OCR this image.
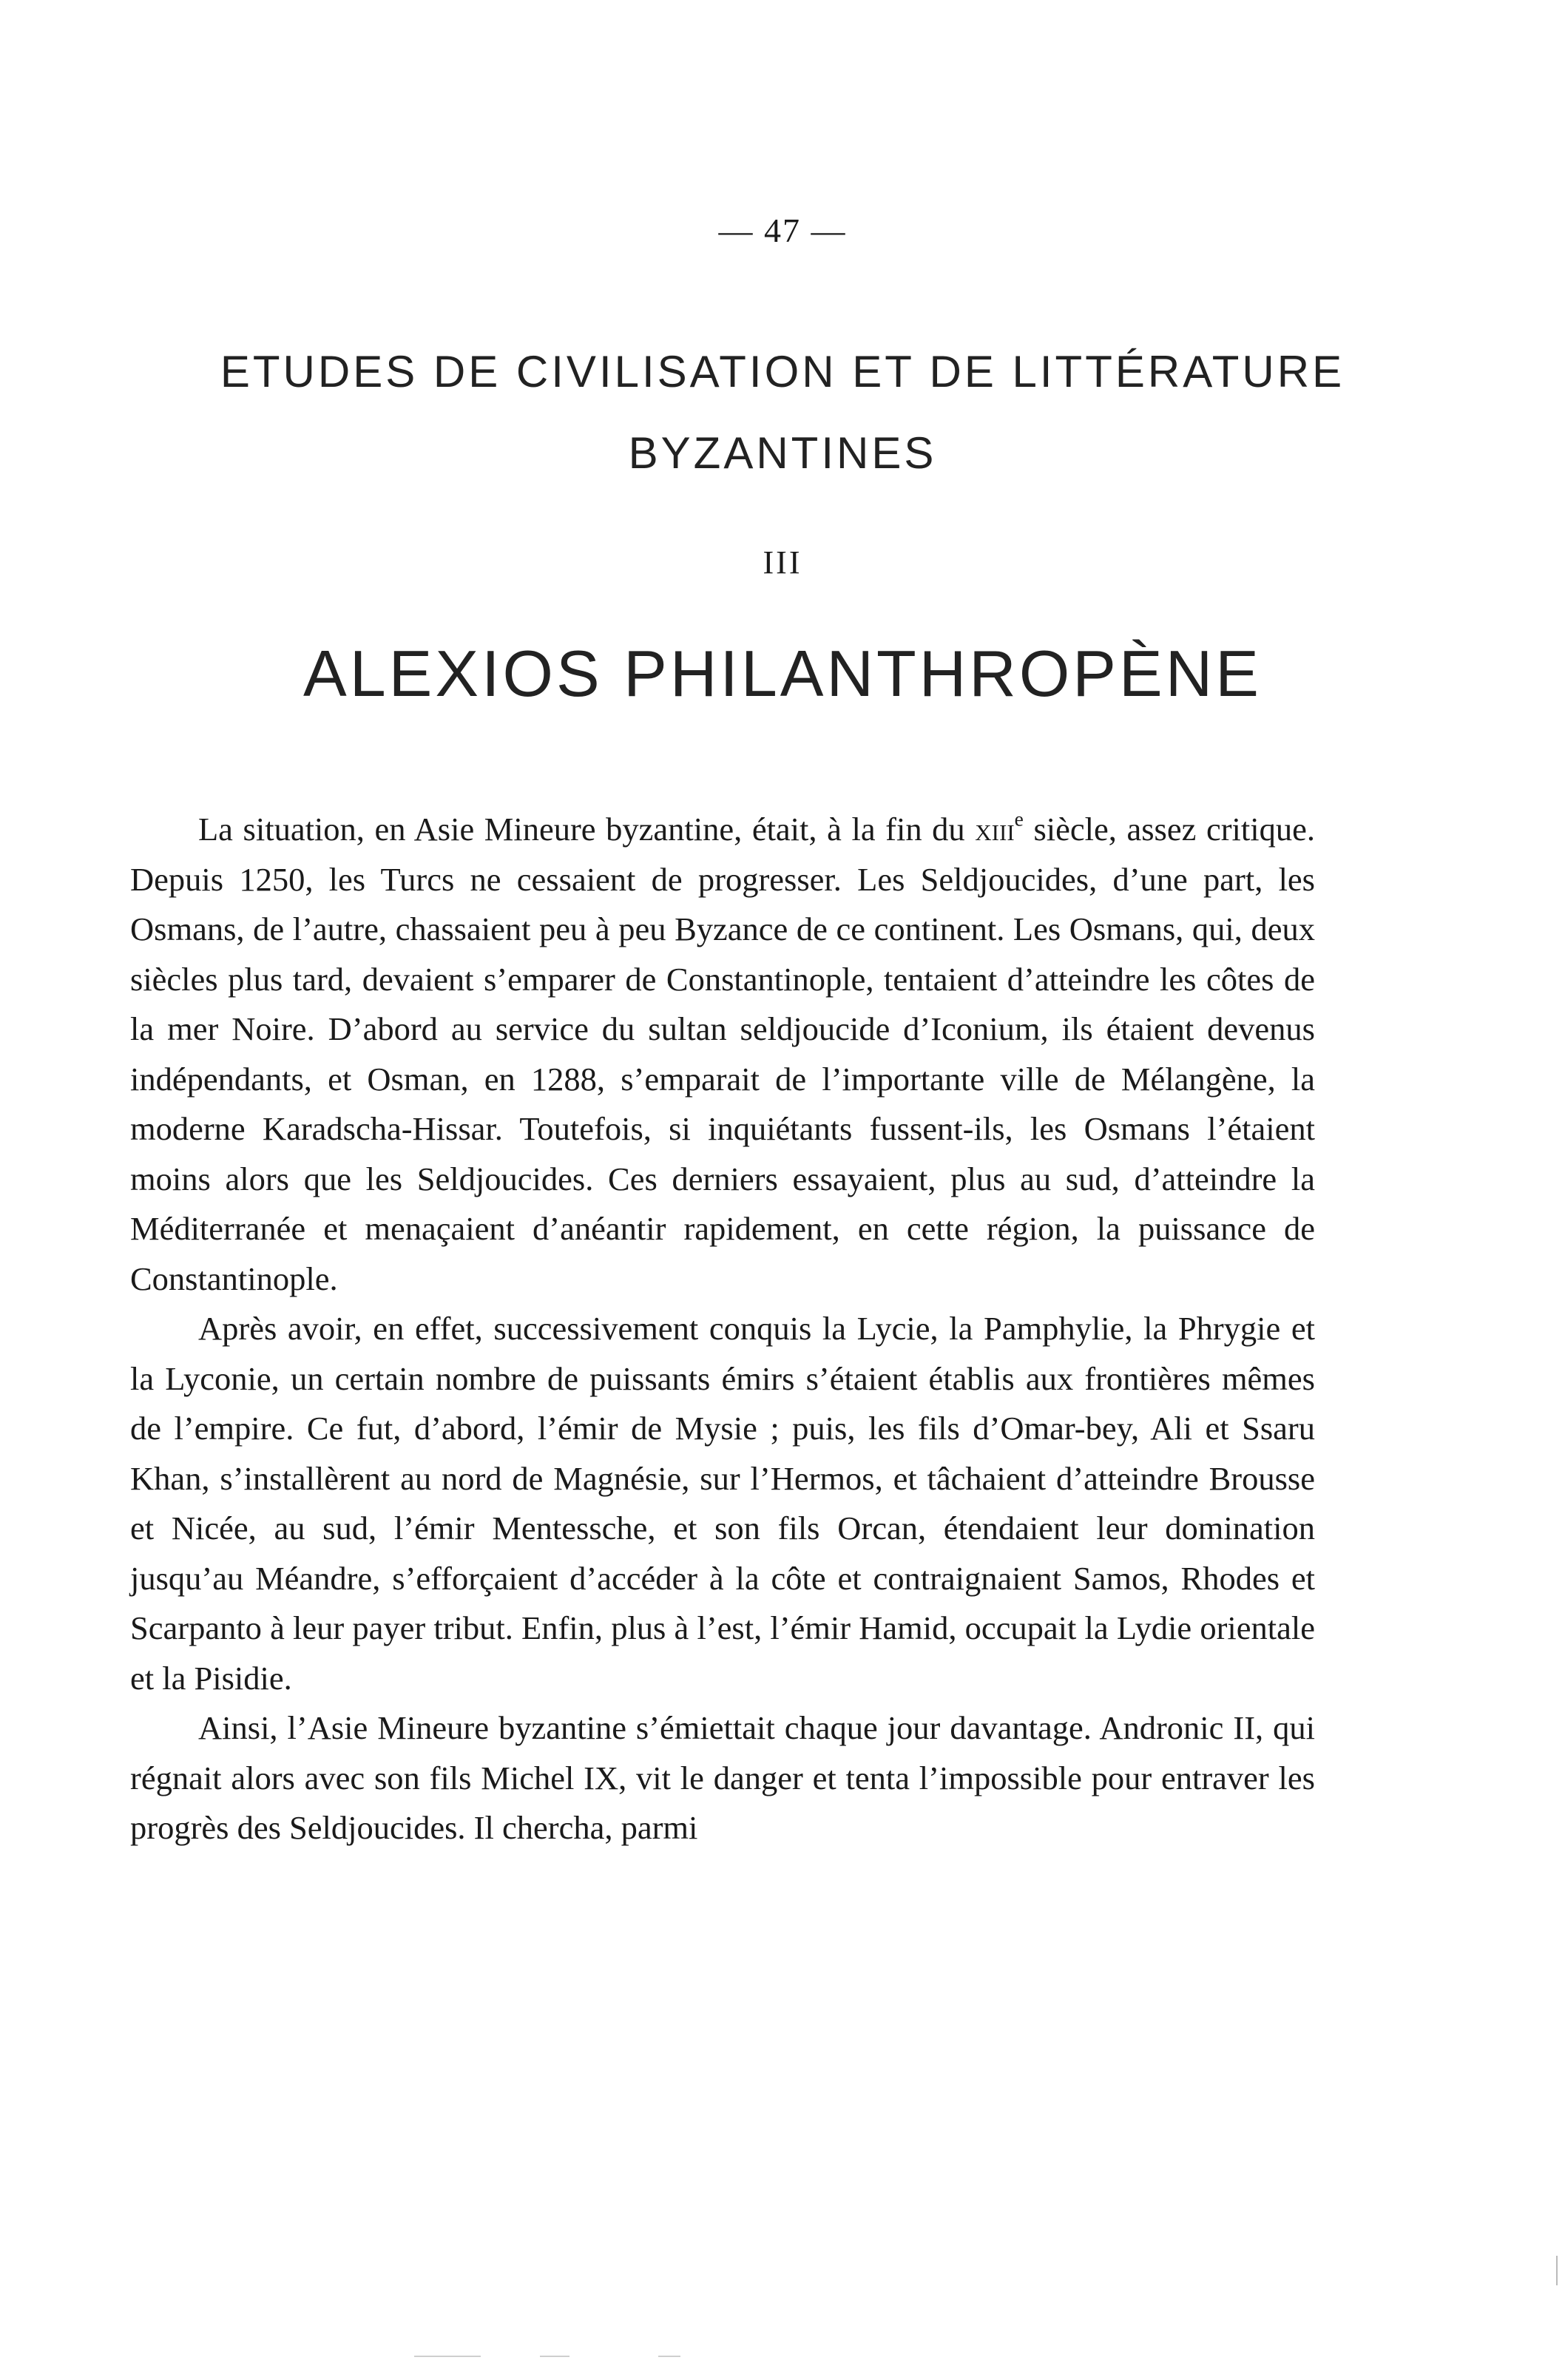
— 47 —
ETUDES DE CIVILISATION ET DE LITTÉRATURE
BYZANTINES
III
ALEXIOS PHILANTHROPÈNE

La situation, en Asie Mineure byzantine, était, à la fin du xiii$^e$ siècle, assez critique. Depuis 1250, les Turcs ne cessaient de progresser. Les Seldjoucides, d’une part, les Osmans, de l’autre, chassaient peu à peu Byzance de ce continent. Les Osmans, qui, deux siècles plus tard, devaient s’emparer de Constantinople, tentaient d’atteindre les côtes de la mer Noire. D’abord au service du sultan seldjoucide d’Iconium, ils étaient devenus indépendants, et Osman, en 1288, s’emparait de l’importante ville de Mélangène, la moderne Karadscha-Hissar. Toutefois, si inquiétants fussent-ils, les Osmans l’étaient moins alors que les Seldjoucides. Ces derniers essayaient, plus au sud, d’atteindre la Méditerranée et menaçaient d’anéantir rapidement, en cette région, la puissance de Constantinople.

Après avoir, en effet, successivement conquis la Lycie, la Pamphylie, la Phrygie et la Lyconie, un certain nombre de puissants émirs s’étaient établis aux frontières mêmes de l’empire. Ce fut, d’abord, l’émir de Mysie ; puis, les fils d’Omar-bey, Ali et Ssaru Khan, s’installèrent au nord de Magnésie, sur l’Hermos, et tâchaient d’atteindre Brousse et Nicée, au sud, l’émir Mentessche, et son fils Orcan, étendaient leur domination jusqu’au Méandre, s’efforçaient d’accéder à la côte et contraignaient Samos, Rhodes et Scarpanto à leur payer tribut. Enfin, plus à l’est, l’émir Hamid, occupait la Lydie orientale et la Pisidie.

Ainsi, l’Asie Mineure byzantine s’émiettait chaque jour davantage. Andronic II, qui régnait alors avec son fils Michel IX, vit le danger et tenta l’impossible pour entraver les progrès des Seldjoucides. Il chercha, parmi
